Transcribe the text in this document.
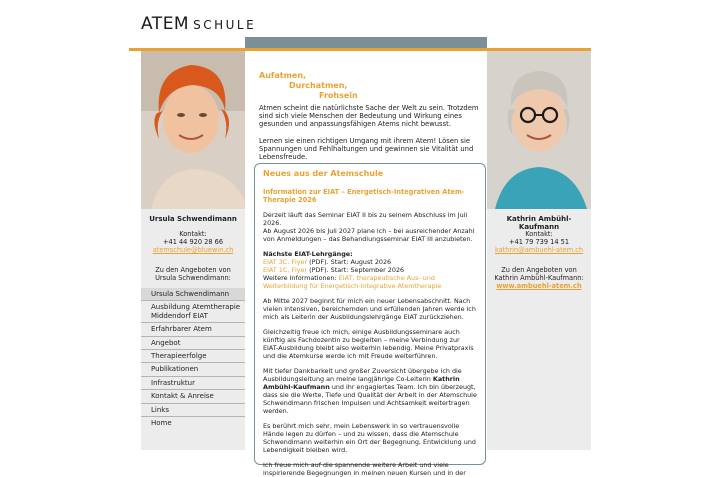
ATEM SCHULE
Ursula Schwendimann
Kontakt:
+41 44 920 28 66
atemschule@bluewin.ch
Zu den Angeboten von
Ursula Schwendimann:
Ursula Schwendimann
Ausbildung Atemtherapie Middendorf EIAT
Erfahrbarer Atem
Angebot
Therapieerfolge
Publikationen
Infrastruktur
Kontakt & Anreise
Links
Home
Aufatmen,
Durchatmen,
Frohsein

Atmen scheint die natürlichste Sache der Welt zu sein. Trotzdem sind sich viele Menschen der Bedeutung und Wirkung eines gesunden und anpassungsfähigen Atems nicht bewusst.

Lernen sie einen richtigen Umgang mit ihrem Atem! Lösen sie Spannungen und Fehlhaltungen und gewinnen sie Vitalität und Lebensfreude.

Neues aus der Atemschule
Information zur EIAT – Energetisch-Integrativen Atem-Therapie 2026

Derzeit läuft das Seminar EIAT II bis zu seinem Abschluss im Juli 2026.
Ab August 2026 bis Juli 2027 plane ich – bei ausreichender Anzahl von Anmeldungen – das Behandlungsseminar EIAT III anzubieten.

Nächste EIAT-Lehrgänge:
EIAT 3C, Flyer (PDF). Start: August 2026
EIAT 1C, Flyer (PDF). Start: September 2026
Weitere Informationen: EIAT, therapeutische Aus- und Weiterbildung für Energetisch-Integrative Atemtherapie

Ab Mitte 2027 beginnt für mich ein neuer Lebensabschnitt. Nach vielen intensiven, bereichernden und erfüllenden Jahren werde ich mich als Leiterin der Ausbildungslehrgänge EIAT zurückziehen.

Gleichzeitig freue ich mich, einige Ausbildungsseminare auch künftig als Fachdozentin zu begleiten – meine Verbindung zur EIAT-Ausbildung bleibt also weiterhin lebendig. Meine Privatpraxis und die Atemkurse werde ich mit Freude weiterführen.

Mit tiefer Dankbarkeit und großer Zuversicht übergebe ich die Ausbildungsleitung an meine langjährige Co-Leiterin Kathrin Ambühl-Kaufmann und ihr engagiertes Team. Ich bin überzeugt, dass sie die Werte, Tiefe und Qualität der Arbeit in der Atemschule Schwendimann frischen Impulsen und Achtsamkeit weitertragen werden.

Es berührt mich sehr, mein Lebenswerk in so vertrauensvolle Hände legen zu dürfen – und zu wissen, dass die Atemschule Schwendimann weiterhin ein Ort der Begegnung, Entwicklung und Lebendigkeit bleiben wird.

Ich freue mich auf die spannende weitere Arbeit und viele inspirierende Begegnungen in meinen neuen Kursen und in der

Kathrin Ambühl-Kaufmann
Kontakt:
+41 79 739 14 51
kathrin@ambuehl-atem.ch
Zu den Angeboten von
Kathrin Ambühl-Kaufmann:
www.ambuehl-atem.ch
